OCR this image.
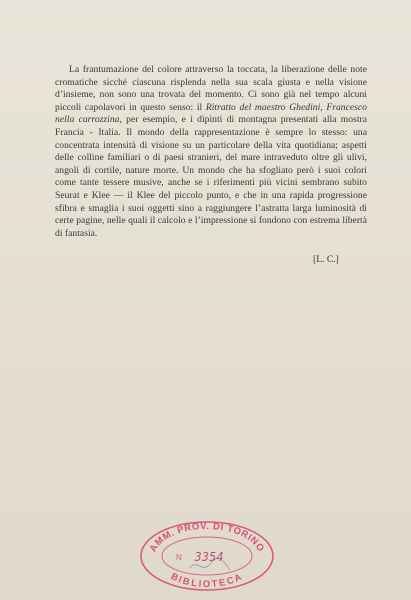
La frantumazione del colore attraverso la toccata, la liberazione delle note cromatiche sicché ciascuna risplenda nella sua scala giusta e nella visione d’insieme, non sono una trovata del momento. Ci sono già nel tempo alcuni piccoli capolavori in questo senso: il Ritratto del maestro Ghedini, Francesco nella carrozzina, per esempio, e i dipinti di montagna presentati alla mostra Francia - Italia. Il mondo della rappresentazione è sempre lo stesso: una concentrata intensità di visione su un particolare della vita quotidiana; aspetti delle colline familiari o di paesi stranieri, del mare intraveduto oltre gli ulivi, angoli di cortile, nature morte. Un mondo che ha sfogliato però i suoi colori come tante tessere musive, anche se i riferimenti più vicini sembrano subito Seurat e Klee — il Klee del piccolo punto, e che in una rapida progressione sfibra e smaglia i suoi oggetti sino a raggiungere l’astratta larga luminosità di certe pagine, nelle quali il calcolo e l’impressione si fondono con estrema libertà di fantasia.

[L. C.]
AMM. PROV. DI TORINO
BIBLIOTECA
N 3354
